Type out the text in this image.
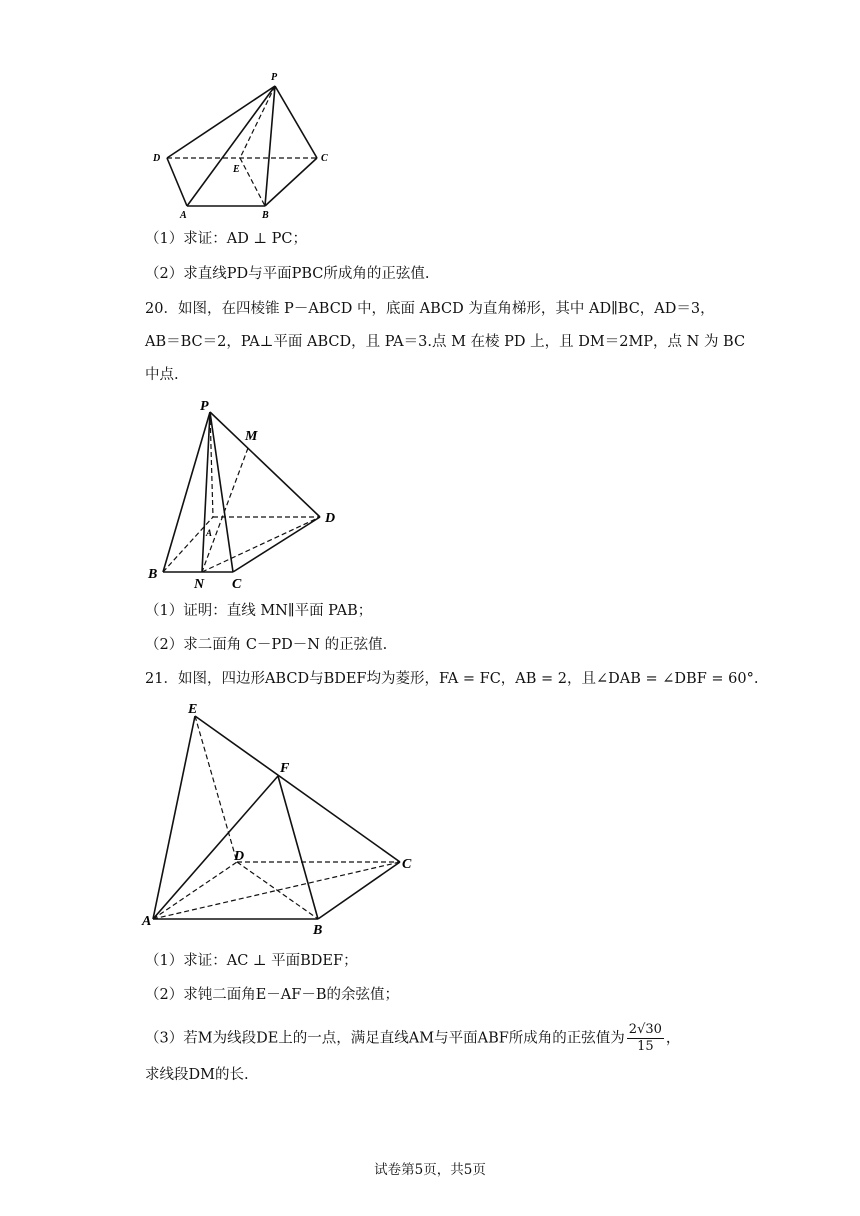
P
D	C
E
A	B
（1）求证：AD ⊥ PC；
（2）求直线PD与平面PBC所成角的正弦值.
20．如图，在四棱锥 P－ABCD 中，底面 ABCD 为直角梯形，其中 AD∥BC，AD＝3，
AB＝BC＝2，PA⊥平面 ABCD，且 PA＝3.点 M 在棱 PD 上，且 DM＝2MP，点 N 为 BC
中点.
P
M
D
A
B
N C
（1）证明：直线 MN∥平面 PAB；
（2）求二面角 C－PD－N 的正弦值.
21．如图，四边形ABCD与BDEF均为菱形，FA = FC，AB = 2，且∠DAB = ∠DBF = 60°.
E
F
D
C
A
B
（1）求证：AC ⊥ 平面BDEF；
（2）求钝二面角E－AF－B的余弦值；
（3）若M为线段DE上的一点，满足直线AM与平面ABF所成角的正弦值为 $\frac{2√30}{15}$ ，
求线段DM的长.
试卷第5页，共5页
